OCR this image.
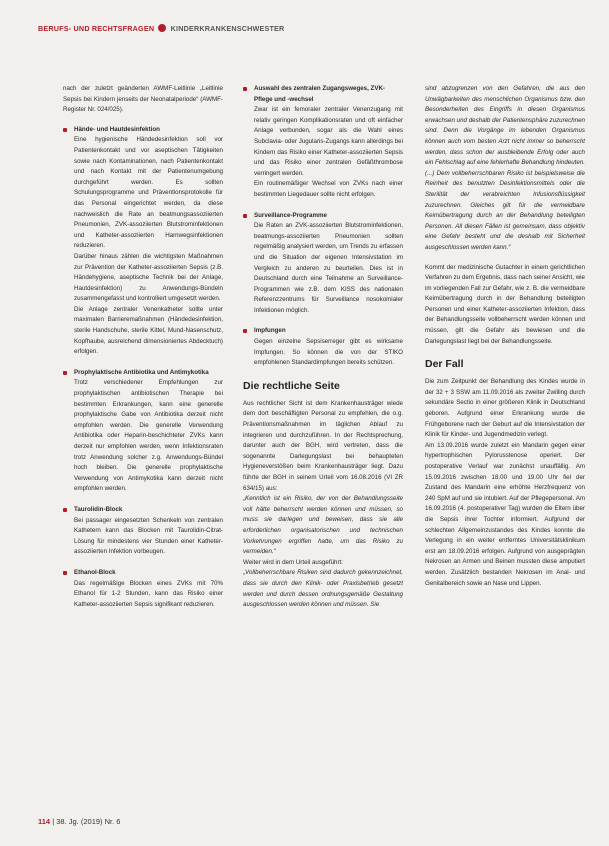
BERUFS- UND RECHTSFRAGEN KINDERKRANKENSCHWESTER

nach der zuletzt geänderten AWMF-Leitlinie „Leitlinie Sepsis bei Kindern jenseits der Neonatalperiode“ (AWMF-Register Nr. 024/025).

Hände- und Hautdesinfektion

Eine hygienische Händedesinfektion soll vor Patientenkontakt und vor aseptischen Tätigkeiten sowie nach Kontaminationen, nach Patientenkontakt und nach Kontakt mit der Patientenumgebung durchgeführt werden. Es sollten Schulungsprogramme und Präventionsprotokolle für das Personal eingerichtet werden, da diese nachweislich die Rate an beatmungsassoziierten Pneumonien, ZVK-assoziierten Blutstrominfektionen und Katheter-assoziierten Harnwegsinfektionen reduzieren.

Darüber hinaus zählen die wichtigsten Maßnahmen zur Prävention der Katheter-assoziierten Sepsis (z.B. Händehygiene, aseptische Technik bei der Anlage, Hautdesinfektion) zu Anwendungs-Bündeln zusammengefasst und kontrolliert umgesetzt werden.

Die Anlage zentraler Venenkatheter sollte unter maximalen Barrieremaßnahmen (Händedesinfektion, sterile Handschuhe, sterile Kittel, Mund-Nasenschutz, Kopfhaube, ausreichend dimensioniertes Abdecktuch) erfolgen.

Prophylaktische Antibiotika und Antimykotika

Trotz verschiedener Empfehlungen zur prophylaktischen antibiotischen Therapie bei bestimmten Erkrankungen, kann eine generelle prophylaktische Gabe von Antibiotika derzeit nicht empfohlen werden. Die generelle Verwendung Antibiotika oder Heparin-beschichteter ZVKs kann derzeit nur empfohlen werden, wenn Infektionsraten trotz Anwendung solcher z.g. Anwendungs-Bündel hoch bleiben. Die generelle prophylaktische Verwendung von Antimykotika kann derzeit nicht empfohlen werden.

Taurolidin-Block

Bei passager eingesetzten Schenkeln von zentralen Kathetern kann das Blocken mit Taurolidin-Citrat-Lösung für mindestens vier Stunden einer Katheter-assoziierten Infektion vorbeugen.

Ethanol-Block

Das regelmäßige Blocken eines ZVKs mit 70% Ethanol für 1-2 Stunden, kann das Risiko einer Katheter-assoziierten Sepsis signifikant reduzieren.

Auswahl des zentralen Zugangsweges, ZVK-Pflege und -wechsel

Zwar ist ein femoraler zentraler Venenzugang mit relativ geringen Komplikationsraten und oft einfacher Anlage verbunden, sogar als die Wahl eines Subclavia- oder Jugularis-Zugangs kann allerdings bei Kindern das Risiko einer Katheter-assoziierten Sepsis und das Risiko einer zentralen Gefäßthrombose verringert werden.

Ein routinemäßiger Wechsel von ZVKs nach einer bestimmten Liegedauer sollte nicht erfolgen.

Surveillance-Programme

Die Raten an ZVK-assoziierten Blutstrominfektionen, beatmungs-assoziierten Pneumonien sollten regelmäßig analysiert werden, um Trends zu erfassen und die Situation der eigenen Intensivstation im Vergleich zu anderen zu beurteilen. Dies ist in Deutschland durch eine Teilnahme an Surveillance-Programmen wie z.B. dem KISS des nationalen Referenzzentrums für Surveillance nosokomialer Infektionen möglich.

Impfungen

Gegen einzelne Sepsiserreger gibt es wirksame Impfungen. So können die von der STIKO empfohlenen Standardimpfungen bereits schützen.

Die rechtliche Seite

Aus rechtlicher Sicht ist dem Krankenhausträger wiede dem dort beschäftigten Personal zu empfehlen, die o.g. Präventionsmaßnahmen im täglichen Ablauf zu integrieren und durchzuführen. In der Rechtsprechung, darunter auch der BGH, wird vertreten, dass die sogenannte Darlegungslast bei behaupteten Hygieneverstößen beim Krankenhausträger liegt. Dazu führte der BGH in seinem Urteil vom 16.08.2016 (VI ZR 634/15) aus:

„Kenntlich ist ein Risiko, der von der Behandlungsseite voll hätte beherrscht werden können und müssen, so muss sie darlegen und beweisen, dass sie alle erforderlichen organisatorischen und technischen Vorkehrungen ergriffen hatte, um das Risiko zu vermeiden.“

Weiter wird in dem Urteil ausgeführt:

„Vollbeherrschbare Risiken sind dadurch gekennzeichnet, dass sie durch den Klinik- oder Praxisbetrieb gesetzt werden und durch dessen ordnungsgemäße Gestaltung ausgeschlossen werden können und müssen. Sie

sind abzugrenzen von den Gefahren, die aus den Unwägbarkeiten des menschlichen Organismus bzw. den Besonderheiten des Eingriffs in diesen Organismus erwachsen und deshalb der Patientensphäre zuzurechnen sind. Denn die Vorgänge im lebenden Organismus können auch vom besten Arzt nicht immer so beherrscht werden, dass schon der ausbleibende Erfolg oder auch ein Fehlschlag auf eine fehlerhafte Behandlung hindeuten. (...) Dem vollbeherrschbaren Risiko ist beispielsweise die Reinheit des benutzten Desinfektionsmittels oder die Sterilität der verabreichten Infusionsflüssigkeit zuzurechnen. Gleiches gilt für die vermeidbare Keimübertragung durch an der Behandlung beteiligten Personen. All diesen Fällen ist gemeinsam, dass objektiv eine Gefahr besteht und die deshalb mit Sicherheit ausgeschlossen werden kann.“

Kommt der medizinische Gutachter in einem gerichtlichen Verfahren zu dem Ergebnis, dass nach seiner Ansicht, wie im vorliegenden Fall zur Gefahr, wie z. B. die vermeidbare Keimübertragung durch in der Behandlung beteiligten Personen und einer Katheter-assoziierten Infektion, dass der Behandlungsseite vollbeherrscht werden können und müssen, gilt die Gefahr als bewiesen und die Darlegungslast liegt bei der Behandlungsseite.

Der Fall

Die zum Zeitpunkt der Behandlung des Kindes wurde in der 32 + 3 SSW am 11.09.2016 als zweiter Zwilling durch sekundäre Sectio in einer größeren Klinik in Deutschland geboren. Aufgrund einer Erkrankung wurde die Frühgeborene nach der Geburt auf die Intensivstation der Klinik für Kinder- und Jugendmedizin verlegt.

Am 13.09.2016 wurde zuletzt ein Mandarin gegen einer hypertrophischen Pylorusstenose operiert. Der postoperative Verlauf war zunächst unauffällig. Am 15.09.2016 zwischen 18.00 und 19.00 Uhr fiel der Zustand des Mandarin eine erhöhte Herzfrequenz von 240 SpM auf und sie intubiert. Auf der Pflegepersonal. Am 16.09.2016 (4. postoperativer Tag) wurden die Eltern über die Sepsis ihrer Tochter informiert. Aufgrund der schlechten Allgemeinzustandes des Kindes konnte die Verlegung in ein weiter entferntes Universitätsklinikum erst am 18.09.2016 erfolgen. Aufgrund von ausgeprägten Nekrosen an Armen und Beinen mussten diese amputiert werden. Zusätzlich bestanden Nekrosen im Anal- und Genitalbereich sowie an Nase und Lippen.

114 | 38. Jg. (2019) Nr. 6
